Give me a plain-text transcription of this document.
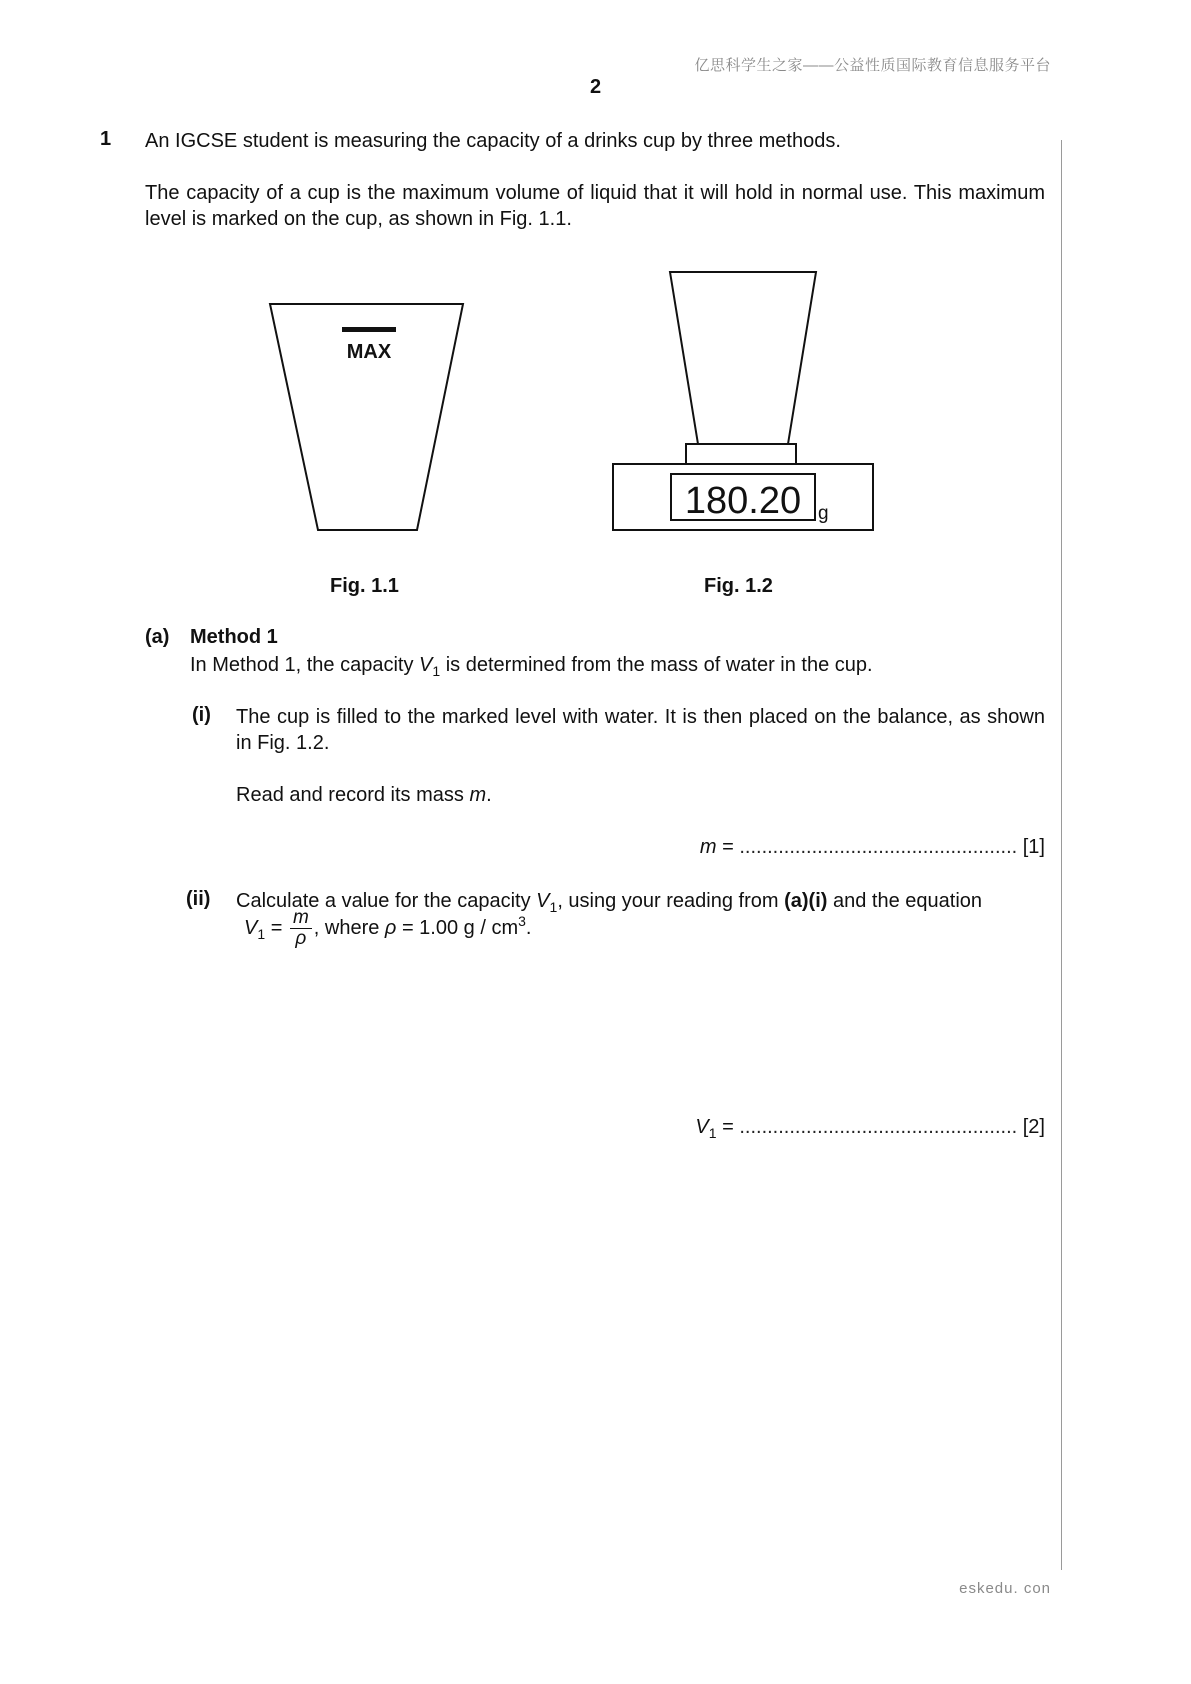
亿思科学生之家——公益性质国际教育信息服务平台
2
1 An IGCSE student is measuring the capacity of a drinks cup by three methods.
The capacity of a cup is the maximum volume of liquid that it will hold in normal use. This maximum level is marked on the cup, as shown in Fig. 1.1.
MAX
Fig. 1.1
180.20 g
Fig. 1.2
(a) Method 1
In Method 1, the capacity $V_1$ is determined from the mass of water in the cup.
(i) The cup is filled to the marked level with water. It is then placed on the balance, as shown in Fig. 1.2.
Read and record its mass m.
m = .................................................. [1]
(ii) Calculate a value for the capacity $V_1$, using your reading from (a)(i) and the equation
$V_1 = \frac{m}{\rho}$ , where ρ = 1.00 g / $cm^3$.
$V_1$ = .................................................. [2]
eskedu. con
